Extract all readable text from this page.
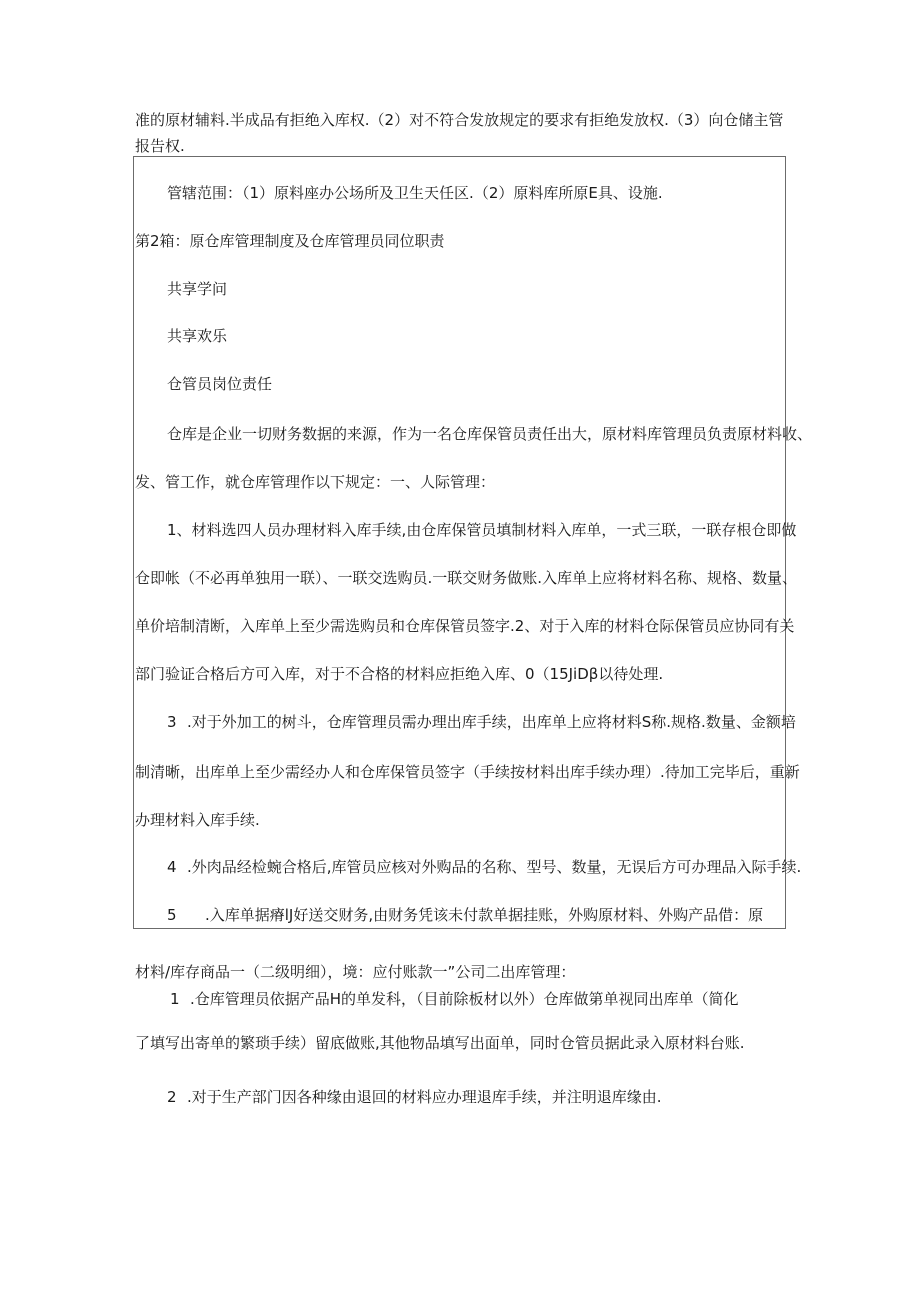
准的原材辅料.半成品有拒绝入库权.（2）对不符合发放规定的要求有拒绝发放权.（3）向仓储主管
报告权.
管辖范围：（1）原料座办公场所及卫生天任区.（2）原料库所原E具、设施.
第2箱：原仓库管理制度及仓库管理员同位职责
共享学问
共享欢乐
仓管员岗位责任
仓库是企业一切财务数据的来源，作为一名仓库保管员责任出大，原材料库管理员负责原材料收、
发、管工作，就仓库管理作以下规定：一、人际管理：
1、材料选四人员办理材料入库手续,由仓库保管员填制材料入库单，一式三联，一联存根仓即做
仓即帐（不必再单独用一联）、一联交选购员.一联交财务做账.入库单上应将材料名称、规格、数量、
单价培制清断，入库单上至少需选购员和仓库保管员签字.2、对于入库的材料仓际保管员应协同有关
部门验证合格后方可入库，对于不合格的材料应拒绝入库、0（15JiDβ以待处理.
3 .对于外加工的树斗，仓库管理员需办理出库手续，出库单上应将材料S称.规格.数量、金额培
制清晰，出库单上至少需经办人和仓库保管员签字（手续按材料出库手续办理）.待加工完毕后，重新
办理材料入库手续.
4 .外肉品经检蜿合格后,库管员应核对外购品的名称、型号、数量，无误后方可办理品入际手续.
5 .入库单据瘠lJ好送交财务,由财务凭该未付款单据挂账，外购原材料、外购产品借：原
材料/库存商品一（二级明细），境：应付账款一”公司二出库管理：
1 .仓库管理员依据产品H的单发科，（目前除板材以外）仓库做第单视同出库单（简化
了填写出寄单的繁琐手续）留底做账,其他物品填写出面单，同时仓管员据此录入原材料台账.
2 .对于生产部门因各种缘由退回的材料应办理退库手续，并注明退库缘由.
